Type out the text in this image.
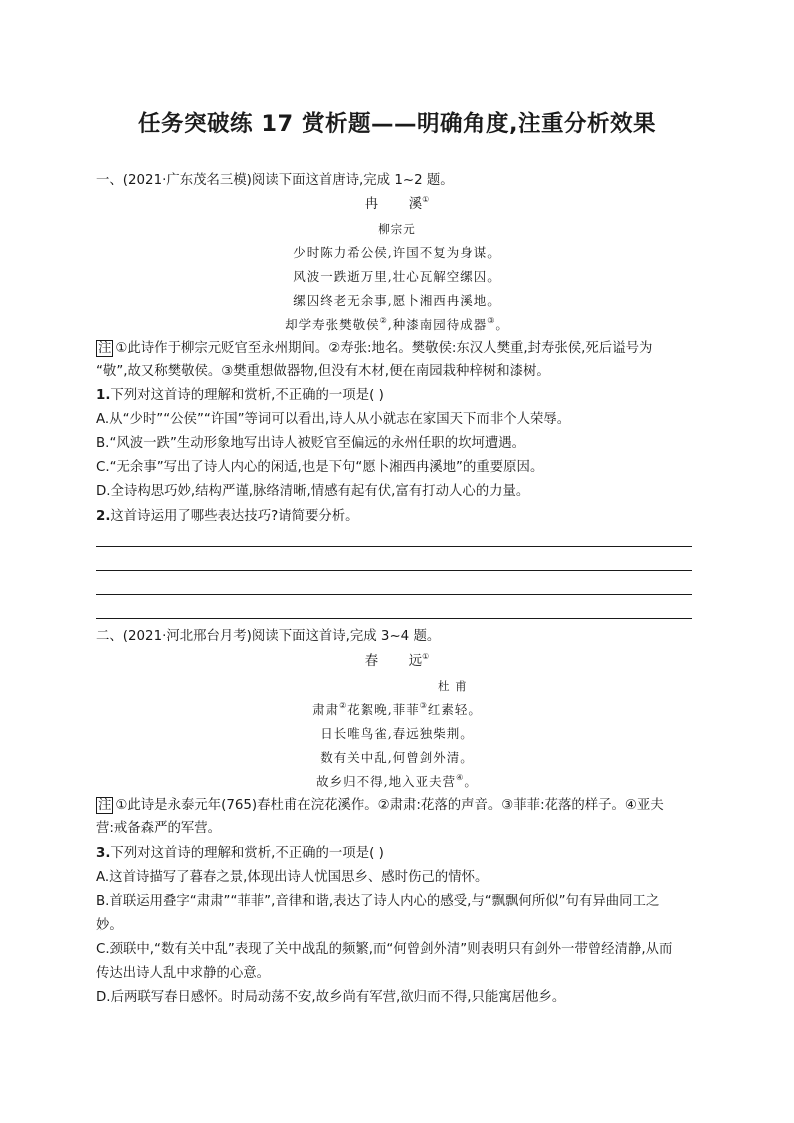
任务突破练 17 赏析题——明确角度,注重分析效果
一、(2021·广东茂名三模)阅读下面这首唐诗,完成 1~2 题。
冉 溪①
柳宗元
少时陈力希公侯,许国不复为身谋。
风波一跌逝万里,壮心瓦解空缧囚。
缧囚终老无余事,愿卜湘西冉溪地。
却学寿张樊敬侯②,种漆南园待成器③。
注 ①此诗作于柳宗元贬官至永州期间。②寿张:地名。樊敬侯:东汉人樊重,封寿张侯,死后谥号为
“敬”,故又称樊敬侯。③樊重想做器物,但没有木材,便在南园栽种梓树和漆树。
1.下列对这首诗的理解和赏析,不正确的一项是( )
A.从“少时”“公侯”“许国”等词可以看出,诗人从小就志在家国天下而非个人荣辱。
B.“风波一跌”生动形象地写出诗人被贬官至偏远的永州任职的坎坷遭遇。
C.“无余事”写出了诗人内心的闲适,也是下句“愿卜湘西冉溪地”的重要原因。
D.全诗构思巧妙,结构严谨,脉络清晰,情感有起有伏,富有打动人心的力量。
2.这首诗运用了哪些表达技巧?请简要分析。
二、(2021·河北邢台月考)阅读下面这首诗,完成 3~4 题。
春 远①
杜 甫
肃肃②花絮晚,菲菲③红素轻。
日长唯鸟雀,春远独柴荆。
数有关中乱,何曾剑外清。
故乡归不得,地入亚夫营④。
注 ①此诗是永泰元年(765)春杜甫在浣花溪作。②肃肃:花落的声音。③菲菲:花落的样子。④亚夫
营:戒备森严的军营。
3.下列对这首诗的理解和赏析,不正确的一项是( )
A.这首诗描写了暮春之景,体现出诗人忧国思乡、感时伤己的情怀。
B.首联运用叠字“肃肃”“菲菲”,音律和谐,表达了诗人内心的感受,与“飘飘何所似”句有异曲同工之
妙。
C.颈联中,“数有关中乱”表现了关中战乱的频繁,而“何曾剑外清”则表明只有剑外一带曾经清静,从而
传达出诗人乱中求静的心意。
D.后两联写春日感怀。时局动荡不安,故乡尚有军营,欲归而不得,只能寓居他乡。
